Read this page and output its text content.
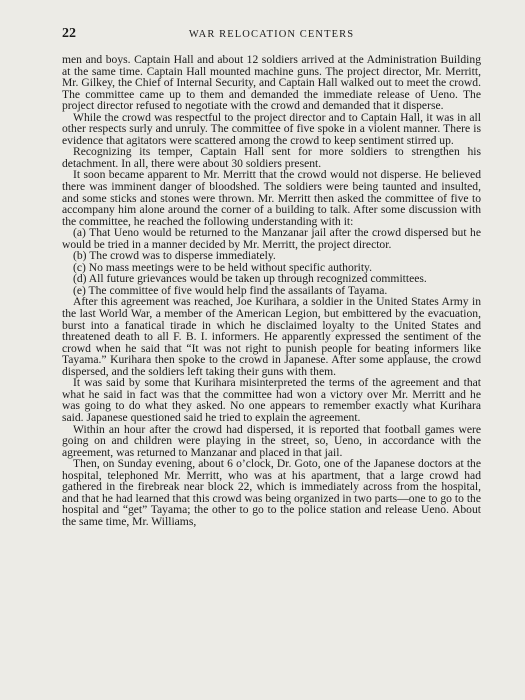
22	WAR RELOCATION CENTERS

men and boys. Captain Hall and about 12 soldiers arrived at the Administration Building at the same time. Captain Hall mounted machine guns. The project director, Mr. Merritt, Mr. Gilkey, the Chief of Internal Security, and Captain Hall walked out to meet the crowd. The committee came up to them and demanded the immediate release of Ueno. The project director refused to negotiate with the crowd and demanded that it disperse.

While the crowd was respectful to the project director and to Captain Hall, it was in all other respects surly and unruly. The committee of five spoke in a violent manner. There is evidence that agitators were scattered among the crowd to keep sentiment stirred up.

Recognizing its temper, Captain Hall sent for more soldiers to strengthen his detachment. In all, there were about 30 soldiers present.

It soon became apparent to Mr. Merritt that the crowd would not disperse. He believed there was imminent danger of bloodshed. The soldiers were being taunted and insulted, and some sticks and stones were thrown. Mr. Merritt then asked the committee of five to accompany him alone around the corner of a building to talk. After some discussion with the committee, he reached the following understanding with it:

(a) That Ueno would be returned to the Manzanar jail after the crowd dispersed but he would be tried in a manner decided by Mr. Merritt, the project director.

(b) The crowd was to disperse immediately.

(c) No mass meetings were to be held without specific authority.

(d) All future grievances would be taken up through recognized committees.

(e) The committee of five would help find the assailants of Tayama.

After this agreement was reached, Joe Kurihara, a soldier in the United States Army in the last World War, a member of the American Legion, but embittered by the evacuation, burst into a fanatical tirade in which he disclaimed loyalty to the United States and threatened death to all F. B. I. informers. He apparently expressed the sentiment of the crowd when he said that “It was not right to punish people for beating informers like Tayama.” Kurihara then spoke to the crowd in Japanese. After some applause, the crowd dispersed, and the soldiers left taking their guns with them.

It was said by some that Kurihara misinterpreted the terms of the agreement and that what he said in fact was that the committee had won a victory over Mr. Merritt and he was going to do what they asked. No one appears to remember exactly what Kurihara said. Japanese questioned said he tried to explain the agreement.

Within an hour after the crowd had dispersed, it is reported that football games were going on and children were playing in the street, so, Ueno, in accordance with the agreement, was returned to Manzanar and placed in that jail.

Then, on Sunday evening, about 6 o’clock, Dr. Goto, one of the Japanese doctors at the hospital, telephoned Mr. Merritt, who was at his apartment, that a large crowd had gathered in the firebreak near block 22, which is immediately across from the hospital, and that he had learned that this crowd was being organized in two parts—one to go to the hospital and “get” Tayama; the other to go to the police station and release Ueno. About the same time, Mr. Williams,
